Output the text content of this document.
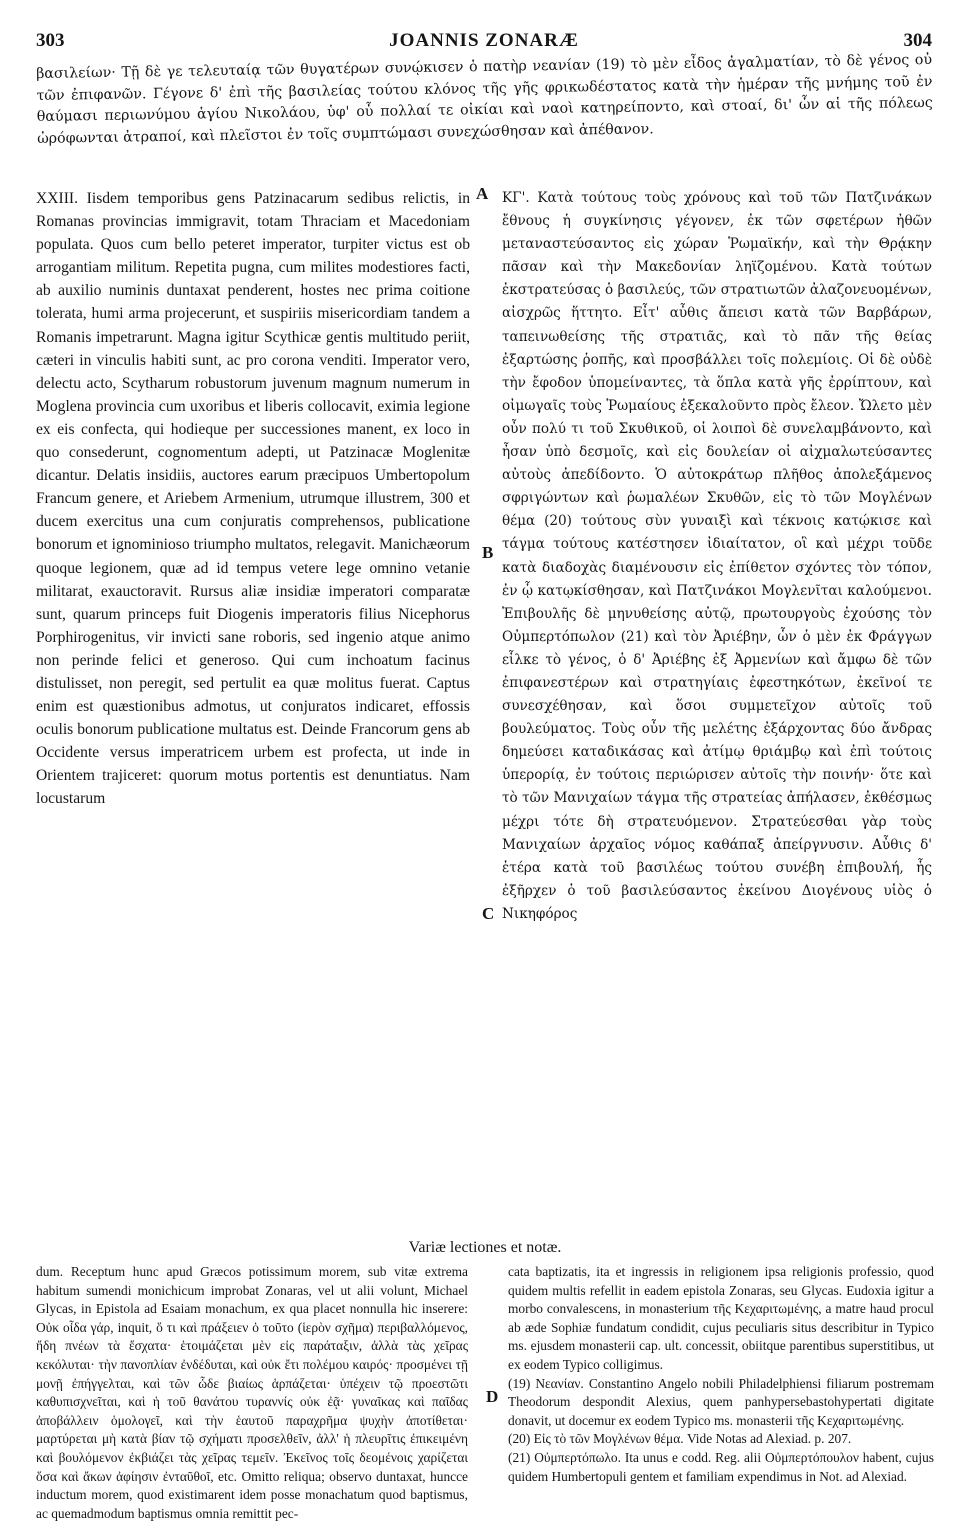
303	JOANNIS ZONARÆ	304
βασιλείων· Τῇ δὲ γε τελευταίᾳ τῶν θυγατέρων συνῴκισεν ὁ πατὴρ νεανίαν (19) τὸ μὲν εἶδος ἀγαλματίαν, τὸ δὲ γένος οὐ τῶν ἐπιφανῶν. Γέγονε δ' ἐπὶ τῆς βασιλείας τούτου κλόνος τῆς γῆς φρικωδέστατος κατὰ τὴν ἡμέραν τῆς μνήμης τοῦ ἐν θαύμασι περιωνύμου ἁγίου Νικολάου, ὑφ' οὗ πολλαί τε οἰκίαι καὶ ναοὶ κατηρείποντο, καὶ στοαί, δι' ὧν αἱ τῆς πόλεως ὠρόφωνται ἀτραποί, καὶ πλεῖστοι ἐν τοῖς συμπτώμασι συνεχώσθησαν καὶ ἀπέθανον.

XXIII. Iisdem temporibus gens Patzinacarum sedibus relictis, in Romanas provincias immigravit, totam Thraciam et Macedoniam populata. Quos cum bello peteret imperator, turpiter victus est ob arrogantiam militum. Repetita pugna, cum milites modestiores facti, ab auxilio numinis duntaxat penderent, hostes nec prima coitione tolerata, humi arma projecerunt, et suspiriis misericordiam tandem a Romanis impetrarunt. Magna igitur Scythicæ gentis multitudo periit, cæteri in vinculis habiti sunt, ac pro corona venditi. Imperator vero, delectu acto, Scytharum robustorum juvenum magnum numerum in Moglena provincia cum uxoribus et liberis collocavit, eximia legione ex eis confecta, qui hodieque per successiones manent, ex loco in quo consederunt, cognomentum adepti, ut Patzinacæ Moglenitæ dicantur. Delatis insidiis, auctores earum præcipuos Umbertopolum Francum genere, et Ariebem Armenium, utrumque illustrem, 300 et ducem exercitus una cum conjuratis comprehensos, publicatione bonorum et ignominioso triumpho multatos, relegavit. Manichæorum quoque legionem, quæ ad id tempus vetere lege omnino vetanie militarat, exauctoravit. Rursus aliæ insidiæ imperatori comparatæ sunt, quarum princeps fuit Diogenis imperatoris filius Nicephorus Porphirogenitus, vir invicti sane roboris, sed ingenio atque animo non perinde felici et generoso. Qui cum inchoatum facinus distulisset, non peregit, sed pertulit ea quæ molitus fuerat. Captus enim est quæstionibus admotus, ut conjuratos indicaret, effossis oculis bonorum publicatione multatus est. Deinde Francorum gens ab Occidente versus imperatricem urbem est profecta, ut inde in Orientem trajiceret: quorum motus portentis est denuntiatus. Nam locustarum

A
B
C
D

ΚΓ'. Κατὰ τούτους τοὺς χρόνους καὶ τοῦ τῶν Πατζινάκων ἔθνους ἡ συγκίνησις γέγονεν, ἐκ τῶν σφετέρων ἠθῶν μεταναστεύσαντος εἰς χώραν Ῥωμαϊκήν, καὶ τὴν Θρᾴκην πᾶσαν καὶ τὴν Μακεδονίαν ληϊζομένου. Κατὰ τούτων ἐκστρατεύσας ὁ βασιλεύς, τῶν στρατιωτῶν ἀλαζονευομένων, αἰσχρῶς ἥττητο. Εἶτ' αὖθις ἄπεισι κατὰ τῶν Βαρβάρων, ταπεινωθείσης τῆς στρατιᾶς, καὶ τὸ πᾶν τῆς θείας ἐξαρτώσης ῥοπῆς, καὶ προσβάλλει τοῖς πολεμίοις. Οἱ δὲ οὐδὲ τὴν ἔφοδον ὑπομείναντες, τὰ ὅπλα κατὰ γῆς ἐρρίπτουν, καὶ οἰμωγαῖς τοὺς Ῥωμαίους ἐξεκαλοῦντο πρὸς ἔλεον. Ὤλετο μὲν οὖν πολύ τι τοῦ Σκυθικοῦ, οἱ λοιποὶ δὲ συνελαμβάνοντο, καὶ ἦσαν ὑπὸ δεσμοῖς, καὶ εἰς δουλείαν οἱ αἰχμαλωτεύσαντες αὐτοὺς ἀπεδίδοντο. Ὁ αὐτοκράτωρ πλῆθος ἀπολεξάμενος σφριγώντων καὶ ῥωμαλέων Σκυθῶν, εἰς τὸ τῶν Μογλένων θέμα (20) τούτους σὺν γυναιξὶ καὶ τέκνοις κατῴκισε καὶ τάγμα τούτους κατέστησεν ἰδιαίτατον, οἳ καὶ μέχρι τοῦδε κατὰ διαδοχὰς διαμένουσιν εἰς ἐπίθετον σχόντες τὸν τόπον, ἐν ᾧ κατῳκίσθησαν, καὶ Πατζινάκοι Μογλενῖται καλούμενοι. Ἐπιβουλῆς δὲ μηνυθείσης αὐτῷ, πρωτουργοὺς ἐχούσης τὸν Οὐμπερτόπωλον (21) καὶ τὸν Ἀριέβην, ὧν ὁ μὲν ἐκ Φράγγων εἷλκε τὸ γένος, ὁ δ' Ἀριέβης ἐξ Ἀρμενίων καὶ ἄμφω δὲ τῶν ἐπιφανεστέρων καὶ στρατηγίαις ἐφεστηκότων, ἐκεῖνοί τε συνεσχέθησαν, καὶ ὅσοι συμμετεῖχον αὐτοῖς τοῦ βουλεύματος. Τοὺς οὖν τῆς μελέτης ἐξάρχοντας δύο ἄνδρας δημεύσει καταδικάσας καὶ ἀτίμῳ θριάμβῳ καὶ ἐπὶ τούτοις ὑπερορίᾳ, ἐν τούτοις περιώρισεν αὐτοῖς τὴν ποινήν· ὅτε καὶ τὸ τῶν Μανιχαίων τάγμα τῆς στρατείας ἀπήλασεν, ἐκθέσμως μέχρι τότε δὴ στρατευόμενον. Στρατεύεσθαι γὰρ τοὺς Μανιχαίων ἀρχαῖος νόμος καθάπαξ ἀπείργνυσιν. Αὖθις δ' ἑτέρα κατὰ τοῦ βασιλέως τούτου συνέβη ἐπιβουλή, ἧς ἐξῆρχεν ὁ τοῦ βασιλεύσαντος ἐκείνου Διογένους υἱὸς ὁ Νικηφόρος

Variæ lectiones et notæ.

dum. Receptum hunc apud Græcos potissimum morem, sub vitæ extrema habitum sumendi monichicum improbat Zonaras, vel ut alii volunt, Michael Glycas, in Epistola ad Esaiam monachum, ex qua placet nonnulla hic inserere: Οὐκ οἶδα γάρ, inquit, ὅ τι καὶ πράξειεν ὁ τοῦτο (ἱερὸν σχῆμα) περιβαλλόμενος, ἤδη πνέων τὰ ἔσχατα· ἑτοιμάζεται μὲν εἰς παράταξιν, ἀλλὰ τὰς χεῖρας κεκόλυται· τὴν πανοπλίαν ἐνδέδυται, καὶ οὐκ ἔτι πολέμου καιρός· προσμένει τῇ μονῇ ἐπήγγελται, καὶ τῶν ὧδε βιαίως ἁρπάζεται· ὑπέχειν τῷ προεστῶτι καθυπισχνεῖται, καὶ ἡ τοῦ θανάτου τυραννίς οὐκ ἐᾷ· γυναῖκας καὶ παῖδας ἀποβάλλειν ὁμολογεῖ, καὶ τὴν ἑαυτοῦ παραχρῆμα ψυχὴν ἀποτίθεται· μαρτύρεται μὴ κατὰ βίαν τῷ σχήματι προσελθεῖν, ἀλλ' ἡ πλευρῖτις ἐπικειμένη καὶ βουλόμενον ἐκβιάζει τὰς χεῖρας τεμεῖν. Ἐκεῖνος τοῖς δεομένοις χαρίζεται ὅσα καὶ ἄκων ἀφίησιν ἐνταῦθοῖ, etc. Omitto reliqua; observo duntaxat, huncce inductum morem, quod existimarent idem posse monachatum quod baptismus, ac quemadmodum baptismus omnia remittit pec-

cata baptizatis, ita et ingressis in religionem ipsa religionis professio, quod quidem multis refellit in eadem epistola Zonaras, seu Glycas. Eudoxia igitur a morbo convalescens, in monasterium τῆς Κεχαριτωμένης, a matre haud procul ab æde Sophiæ fundatum condidit, cujus peculiaris situs describitur in Typico ms. ejusdem monasterii cap. ult. concessit, obiitque parentibus superstitibus, ut ex eodem Typico colligimus.

(19) Νεανίαν. Constantino Angelo nobili Philadelphiensi filiarum postremam Theodorum despondit Alexius, quem panhypersebastohypertati digitate donavit, ut docemur ex eodem Typico ms. monasterii τῆς Κεχαριτωμένης.

(20) Εἰς τὸ τῶν Μογλένων θέμα. Vide Notas ad Alexiad. p. 207.

(21) Οὐμπερτόπωλο. Ita unus e codd. Reg. alii Οὐμπερτόπουλον habent, cujus quidem Humbertopuli gentem et familiam expendimus in Not. ad Alexiad.
